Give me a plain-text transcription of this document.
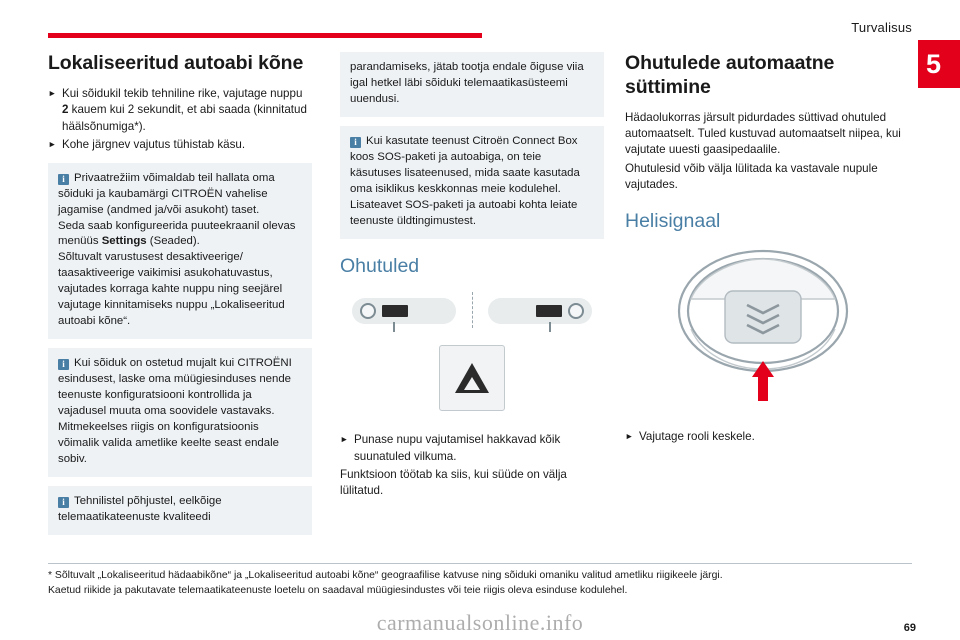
Turvalisus
5
Lokaliseeritud autoabi kõne

► Kui sõidukil tekib tehniline rike, vajutage nuppu 2 kauem kui 2 sekundit, et abi saada (kinnitatud häälsõnumiga*).

► Kohe järgnev vajutus tühistab käsu.

i Privaatrežiim võimaldab teil hallata oma sõiduki ja kaubamärgi CITROËN vahelise jagamise (andmed ja/või asukoht) taset.

Seda saab konfigureerida puuteekraanil olevas menüüs Settings (Seaded).

Sõltuvalt varustusest desaktiveerige/ taasaktiveerige vaikimisi asukohatuvastus, vajutades korraga kahte nuppu ning seejärel vajutage kinnitamiseks nuppu „Lokaliseeritud autoabi kõne“.

i Kui sõiduk on ostetud mujalt kui CITROËNI esindusest, laske oma müügiesinduses nende teenuste konfiguratsiooni kontrollida ja vajadusel muuta oma soovidele vastavaks.

Mitmekeelses riigis on konfiguratsioonis võimalik valida ametlike keelte seast endale sobiv.

i Tehnilistel põhjustel, eelkõige telemaatikateenuste kvaliteedi

parandamiseks, jätab tootja endale õiguse viia igal hetkel läbi sõiduki telemaatikasüsteemi uuendusi.

i Kui kasutate teenust Citroën Connect Box koos SOS-paketi ja autoabiga, on teie käsutuses lisateenused, mida saate kasutada oma isiklikus keskkonnas meie kodulehel.

Lisateavet SOS-paketi ja autoabi kohta leiate teenuste üldtingimustest.

Ohutuled

► Punase nupu vajutamisel hakkavad kõik suunatuled vilkuma.

Funktsioon töötab ka siis, kui süüde on välja lülitatud.

Ohutulede automaatne süttimine

Hädaolukorras järsult pidurdades süttivad ohutuled automaatselt. Tuled kustuvad automaatselt niipea, kui vajutate uuesti gaasipedaalile.

Ohutulesid võib välja lülitada ka vastavale nupule vajutades.

Helisignaal

► Vajutage rooli keskele.

* Sõltuvalt „Lokaliseeritud hädaabikõne“ ja „Lokaliseeritud autoabi kõne“ geograafilise katvuse ning sõiduki omaniku valitud ametliku riigikeele järgi.
Kaetud riikide ja pakutavate telemaatikateenuste loetelu on saadaval müügiesindustes või teie riigis oleva esinduse kodulehel.
69
carmanualsonline.info
